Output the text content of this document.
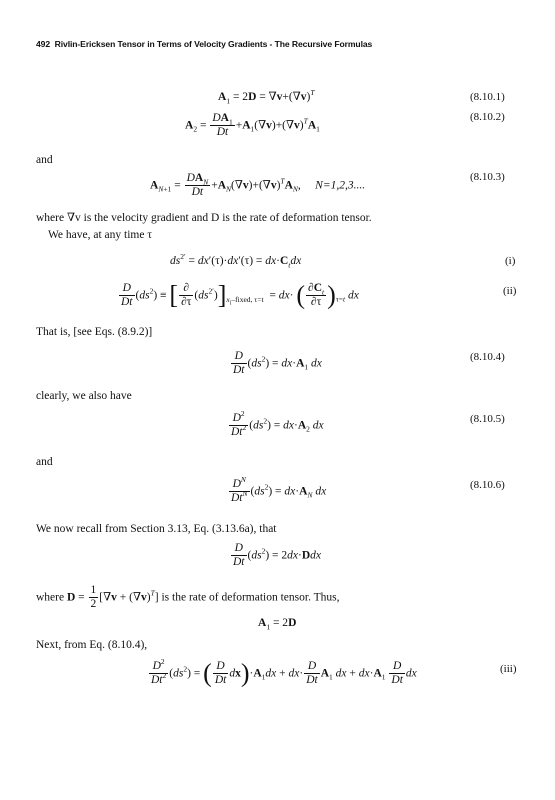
492 Rivlin-Ericksen Tensor in Terms of Velocity Gradients - The Recursive Formulas
$A_1 = 2D = \nabla v+(\nabla v)^T$	(8.10.1)
$A_2 = \frac{DA_1}{Dt} +A_1(\nabla v)+(\nabla v)^TA_1$
(8.10.2)
and
$A_{N+1} = \frac{DA_N}{Dt} +A_N(\nabla v)+(\nabla v)^TA_N$,     N=1,2,3....
(8.10.3)
where ∇v is the velocity gradient and D is the rate of deformation tensor.
We have, at any time τ
$ds^{2'} = dx'(\tau)\cdot dx'(\tau) = dx\cdot C_tdx$	(i)
$\frac{D}{Dt} (ds^2)$ ≡ [ $\frac{\partial}{\partial\tau} (ds^{2'})]_{x_i-fixed, \tau=t} = dx\cdot$ ( $\frac{\partial C_t}{\partial\tau} )_{\tau=t}$ dx	(ii)
That is, [see Eqs. (8.9.2)]
$\frac{D}{Dt} (ds^2) = dx\cdot A_1$ dx
(8.10.4)
clearly, we also have
$\frac{D^2}{Dt^2} (ds^2) = dx\cdot A_2$ dx
(8.10.5)
and
$\frac{D^N}{Dt^N} (ds^2) = dx\cdot A_N$ dx
(8.10.6)
We now recall from Section 3.13, Eq. (3.13.6a), that
$\frac{D}{Dt} (ds^2) = 2dx\cdot Ddx$
where $D = \frac{1}{2} [\nabla v + (\nabla v)^T]$ is the rate of deformation tensor. Thus,
$A_1 = 2D$
Next, from Eq. (8.10.4),
$\frac{D^2}{Dt^2} (ds^2)$ = ( $\frac{D}{Dt} dx)\cdot A_1dx + dx\cdot \frac{D}{Dt} A_1$ dx + $dx\cdot A_1 \frac{D}{Dt}$ dx	(iii)
